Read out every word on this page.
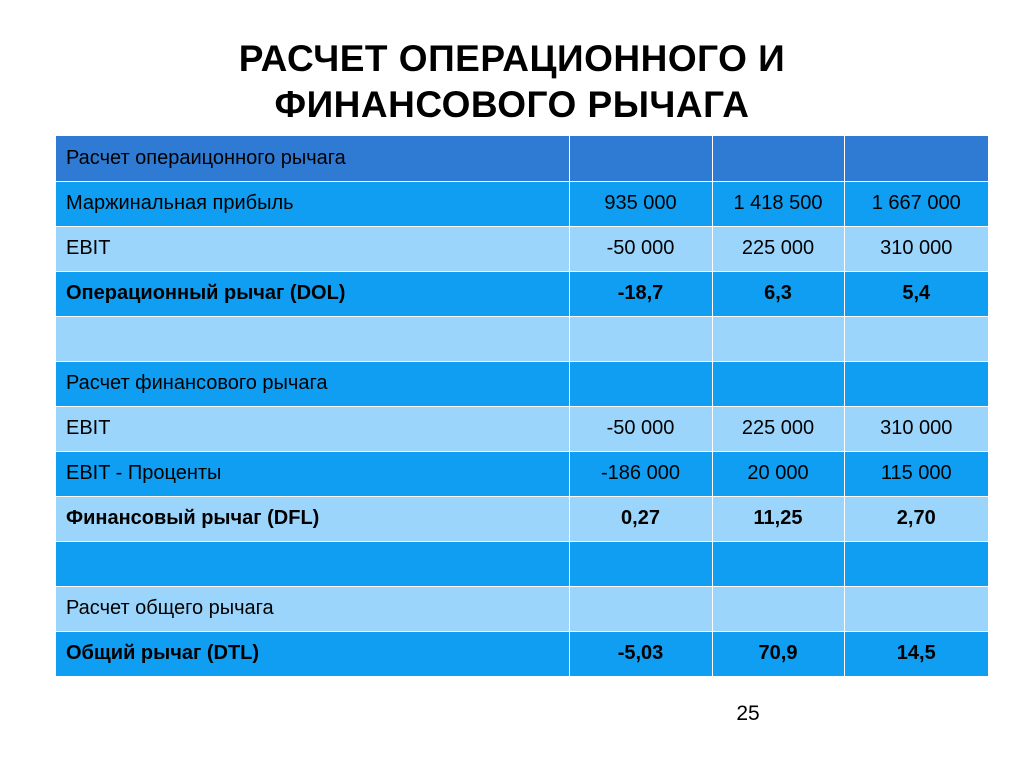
РАСЧЕТ ОПЕРАЦИОННОГО И
ФИНАНСОВОГО РЫЧАГА
Расчет операицонного рычага			
Маржинальная прибыль	935 000	1 418 500	1 667 000
EBIT	-50 000	225 000	310 000
Операционный рычаг (DOL)	-18,7	6,3	5,4

Расчет финансового рычага			
EBIT	-50 000	225 000	310 000
EBIT - Проценты	-186 000	20 000	115 000
Финансовый рычаг (DFL)	0,27	11,25	2,70

Расчет общего рычага			
Общий рычаг (DTL)	-5,03	70,9	14,5
25
